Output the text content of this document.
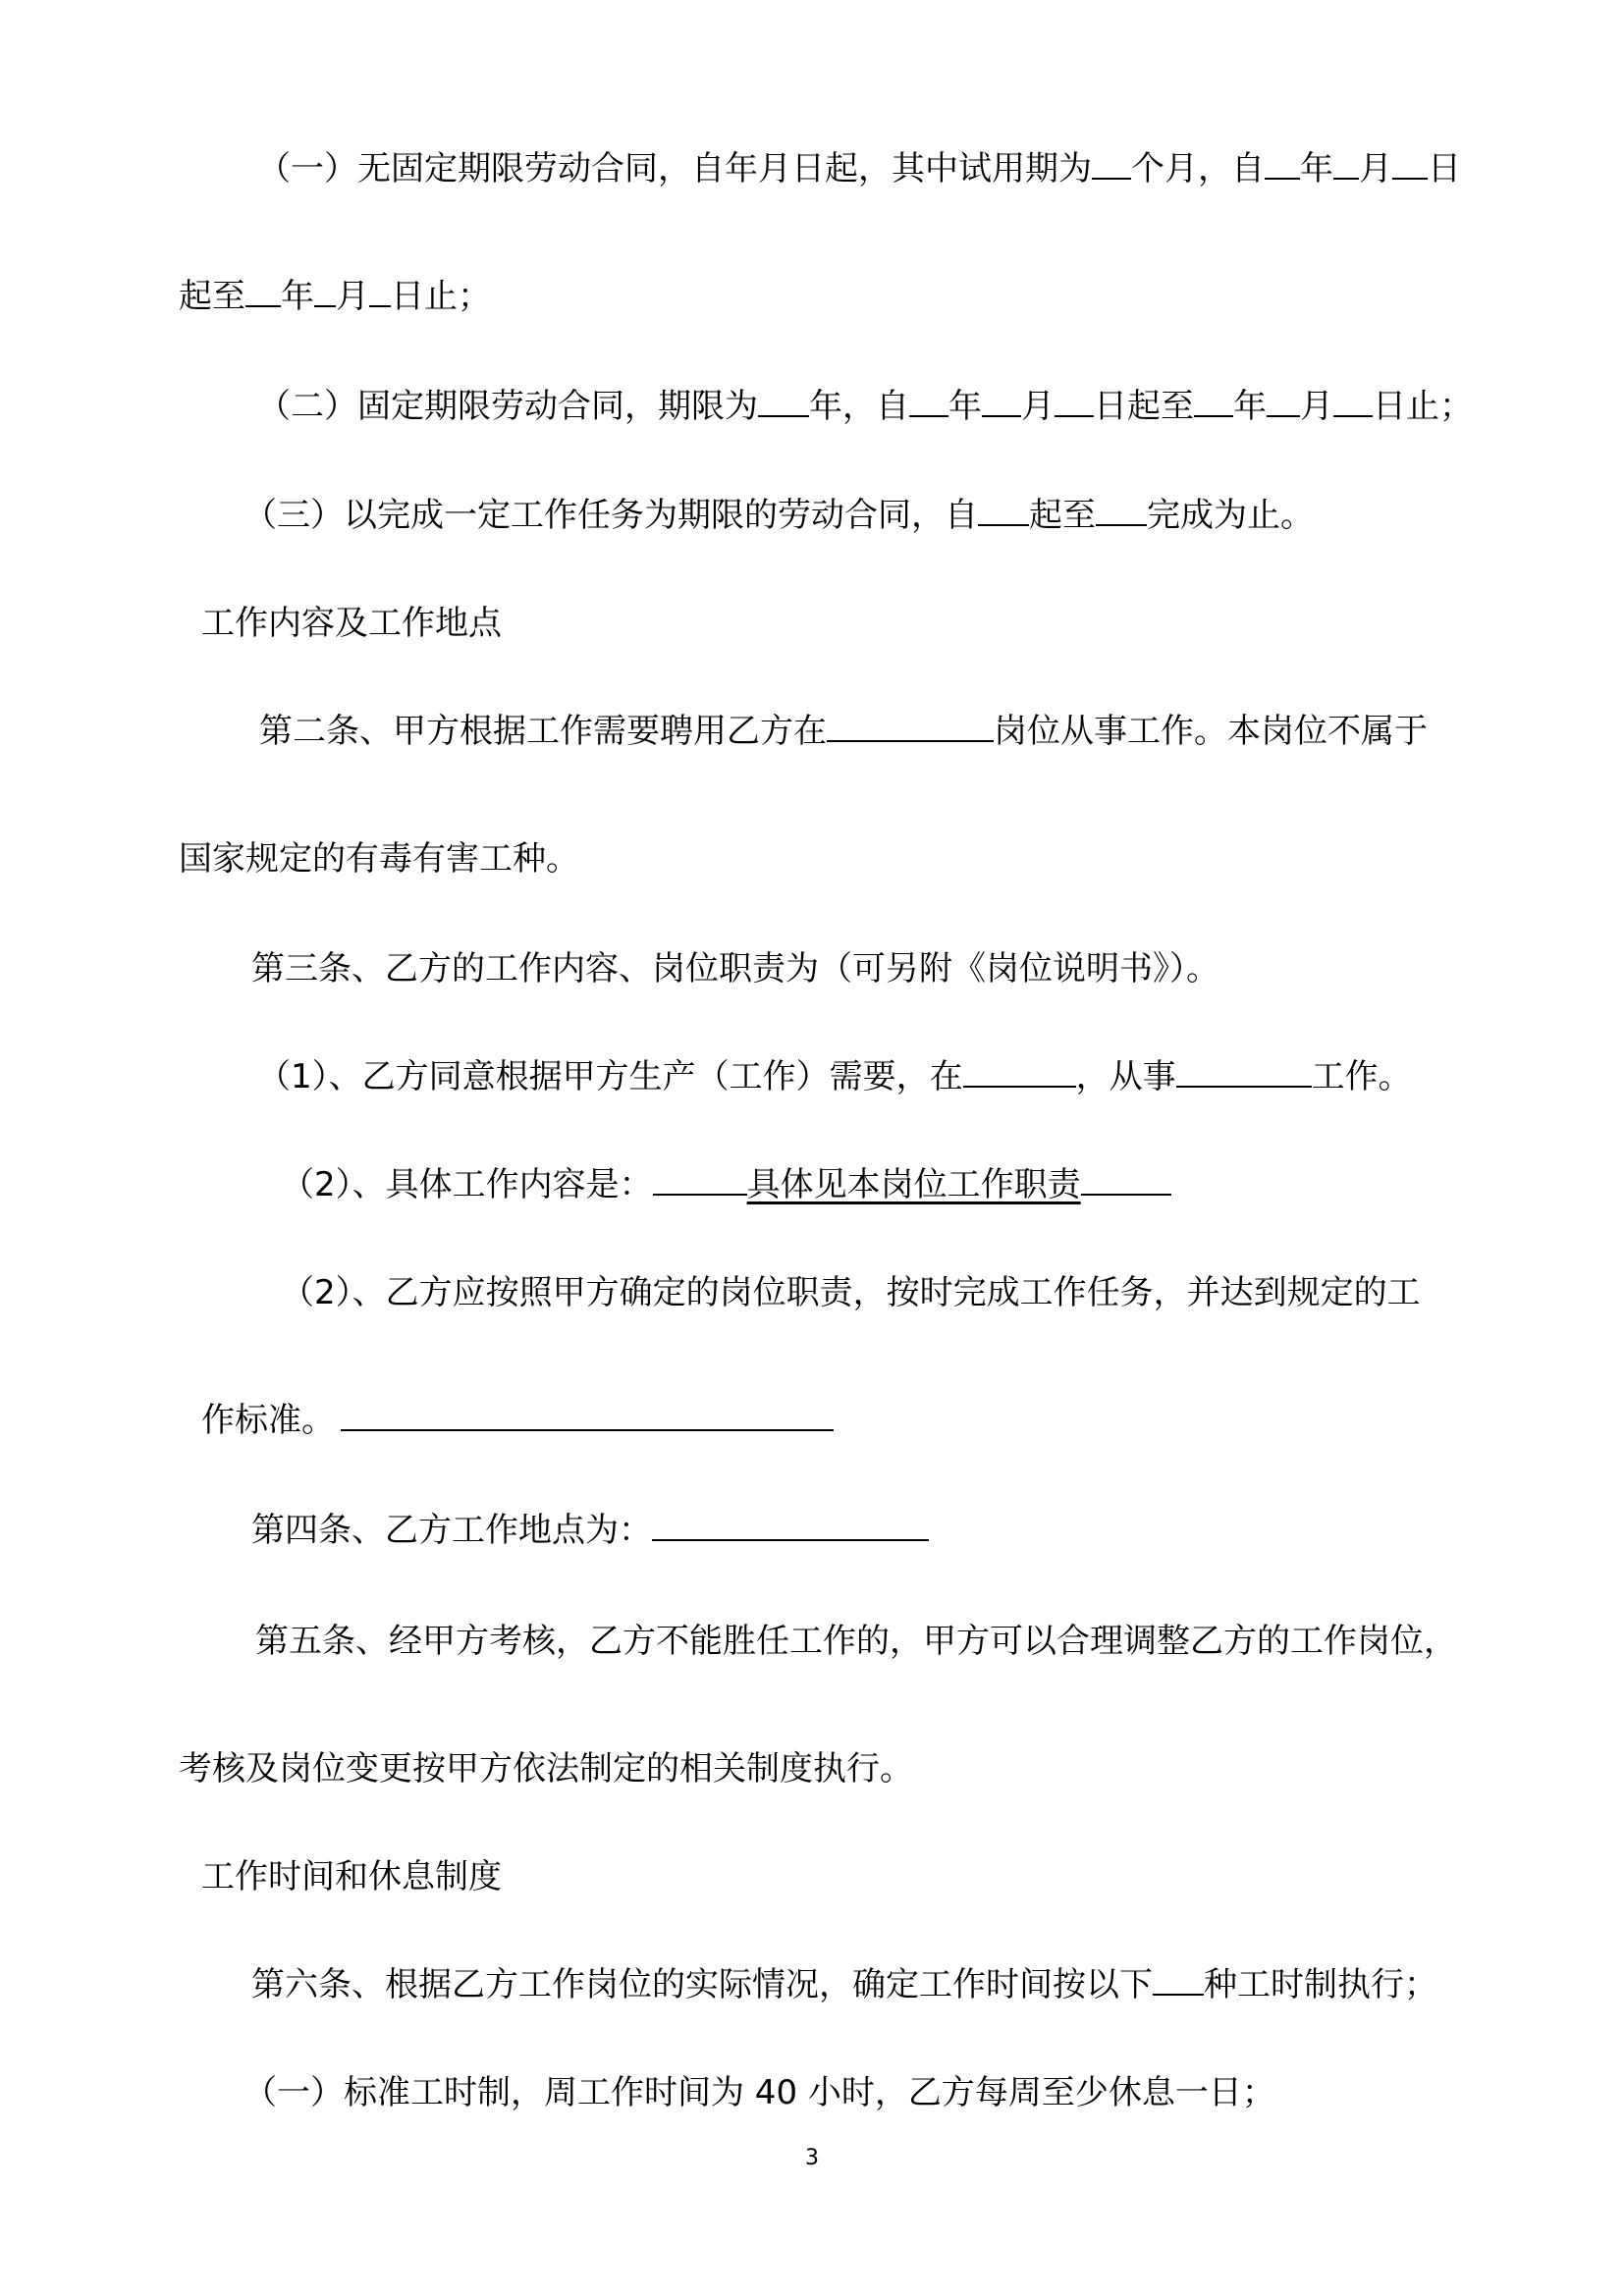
（一）无固定期限劳动合同，自年月日起，其中试用期为 个月，自 年 月 日
起至 年 月 日止；
（二）固定期限劳动合同，期限为 年，自 年 月 日起至 年 月 日止；
（三）以完成一定工作任务为期限的劳动合同，自 起至 完成为止。
工作内容及工作地点
第二条、甲方根据工作需要聘用乙方在	岗位从事工作。本岗位不属于
国家规定的有毒有害工种。
第三条、乙方的工作内容、岗位职责为（可另附《岗位说明书》）。
（1）、乙方同意根据甲方生产（工作）需要，在	，从事	工作。
（2）、具体工作内容是：	具体见本岗位工作职责
（2）、乙方应按照甲方确定的岗位职责，按时完成工作任务，并达到规定的工
作标准。
第四条、乙方工作地点为：
第五条、经甲方考核，乙方不能胜任工作的，甲方可以合理调整乙方的工作岗位，
考核及岗位变更按甲方依法制定的相关制度执行。
工作时间和休息制度
第六条、根据乙方工作岗位的实际情况，确定工作时间按以下 种工时制执行；
（一）标准工时制，周工作时间为 40 小时，乙方每周至少休息一日；
3
